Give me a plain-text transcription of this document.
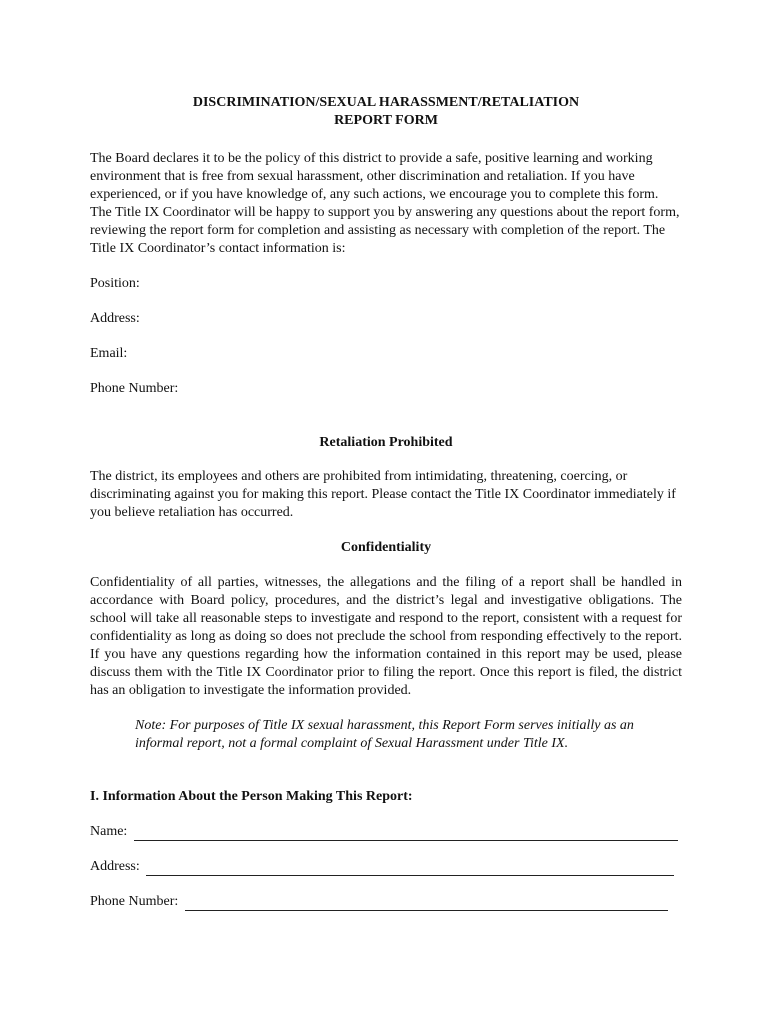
DISCRIMINATION/SEXUAL HARASSMENT/RETALIATION

REPORT FORM

The Board declares it to be the policy of this district to provide a safe, positive learning and working environment that is free from sexual harassment, other discrimination and retaliation. If you have experienced, or if you have knowledge of, any such actions, we encourage you to complete this form. The Title IX Coordinator will be happy to support you by answering any questions about the report form, reviewing the report form for completion and assisting as necessary with completion of the report. The Title IX Coordinator’s contact information is:

Position:

Address:

Email:

Phone Number:

Retaliation Prohibited

The district, its employees and others are prohibited from intimidating, threatening, coercing, or discriminating against you for making this report. Please contact the Title IX Coordinator immediately if you believe retaliation has occurred.

Confidentiality

Confidentiality of all parties, witnesses, the allegations and the filing of a report shall be handled in accordance with Board policy, procedures, and the district’s legal and investigative obligations. The school will take all reasonable steps to investigate and respond to the report, consistent with a request for confidentiality as long as doing so does not preclude the school from responding effectively to the report. If you have any questions regarding how the information contained in this report may be used, please discuss them with the Title IX Coordinator prior to filing the report. Once this report is filed, the district has an obligation to investigate the information provided.

Note: For purposes of Title IX sexual harassment, this Report Form serves initially as an informal report, not a formal complaint of Sexual Harassment under Title IX.

I. Information About the Person Making This Report:

Name:
Address:
Phone Number:
